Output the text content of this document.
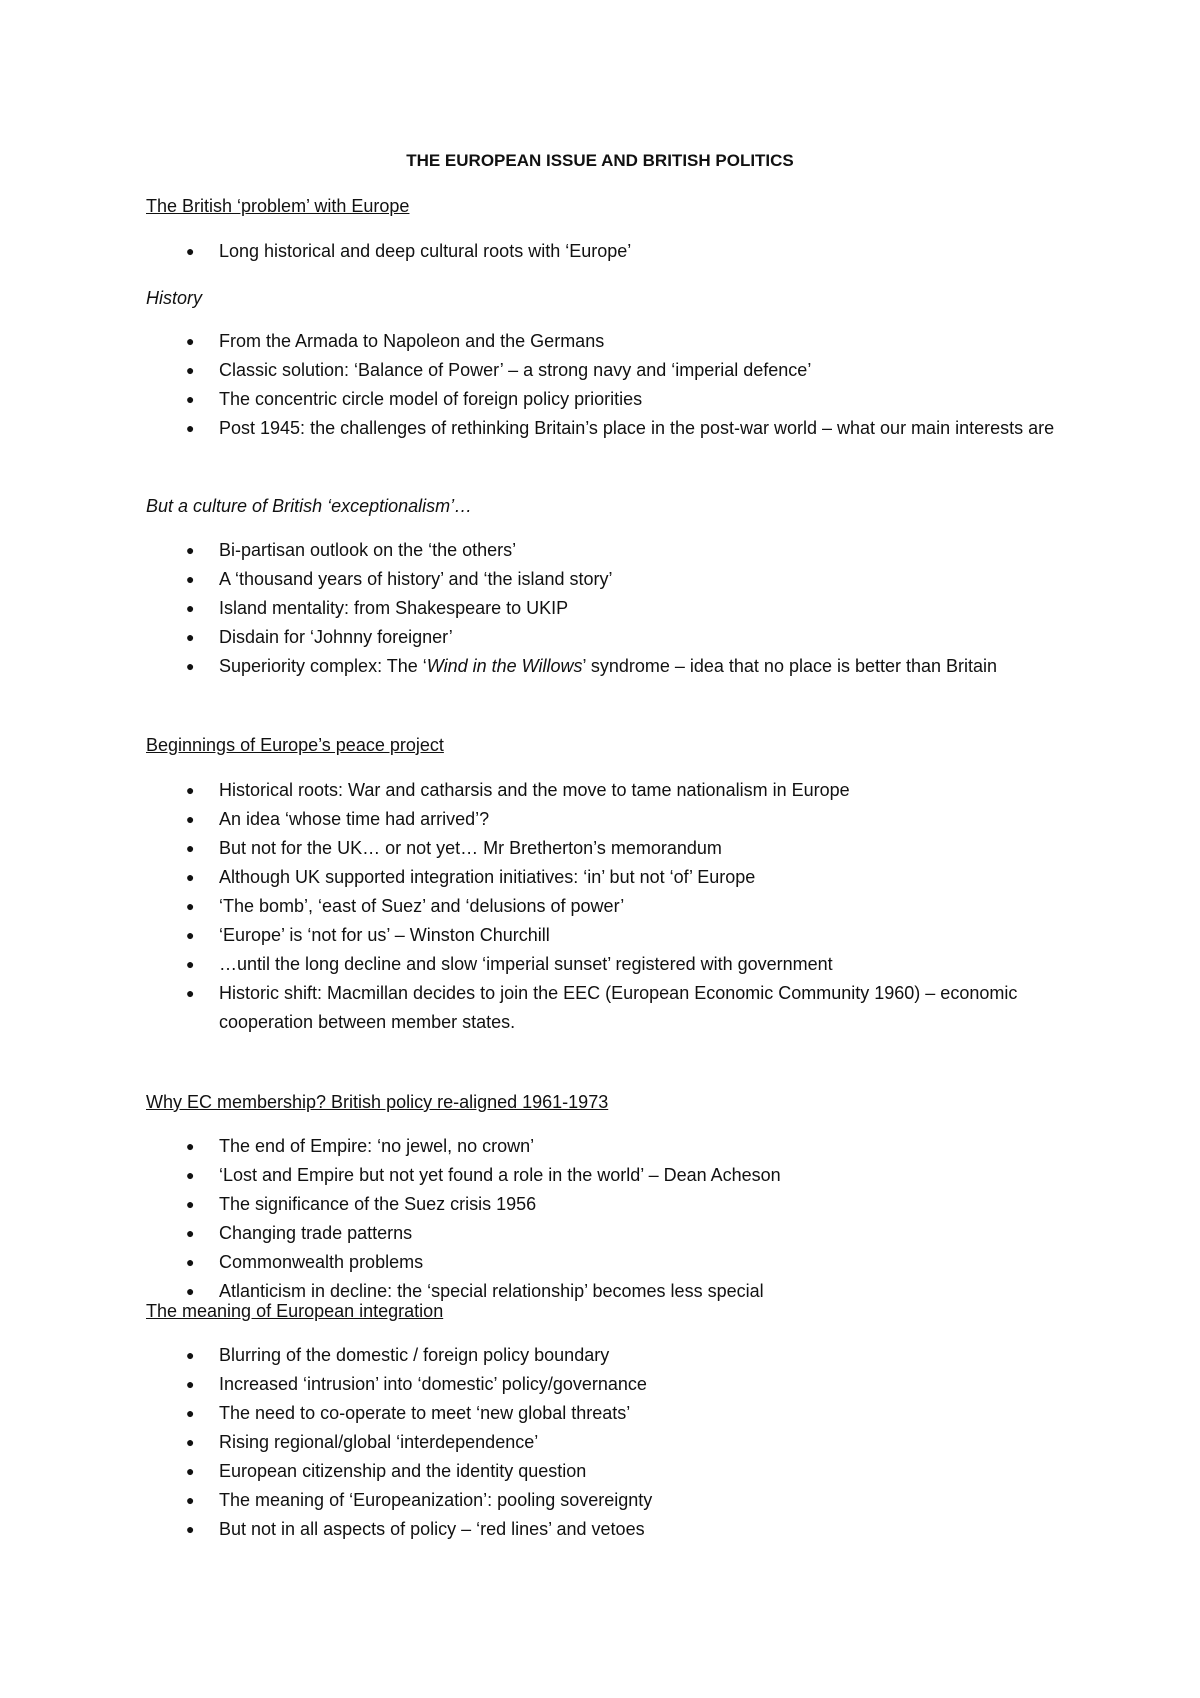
THE EUROPEAN ISSUE AND BRITISH POLITICS
The British ‘problem’ with Europe
● Long historical and deep cultural roots with ‘Europe’
History
● From the Armada to Napoleon and the Germans
● Classic solution: ‘Balance of Power’ – a strong navy and ‘imperial defence’
● The concentric circle model of foreign policy priorities
● Post 1945: the challenges of rethinking Britain’s place in the post-war world – what our main interests are
But a culture of British ‘exceptionalism’…
● Bi-partisan outlook on the ‘the others’
● A ‘thousand years of history’ and ‘the island story’
● Island mentality: from Shakespeare to UKIP
● Disdain for ‘Johnny foreigner’
● Superiority complex: The ‘Wind in the Willows’ syndrome – idea that no place is better than Britain
Beginnings of Europe’s peace project
● Historical roots: War and catharsis and the move to tame nationalism in Europe
● An idea ‘whose time had arrived’?
● But not for the UK… or not yet… Mr Bretherton’s memorandum
● Although UK supported integration initiatives: ‘in’ but not ‘of’ Europe
● ‘The bomb’, ‘east of Suez’ and ‘delusions of power’
● ‘Europe’ is ‘not for us’ – Winston Churchill
● …until the long decline and slow ‘imperial sunset’ registered with government
● Historic shift: Macmillan decides to join the EEC (European Economic Community 1960) – economic cooperation between member states.
Why EC membership? British policy re-aligned 1961-1973
● The end of Empire: ‘no jewel, no crown’
● ‘Lost and Empire but not yet found a role in the world’ – Dean Acheson
● The significance of the Suez crisis 1956
● Changing trade patterns
● Commonwealth problems
● Atlanticism in decline: the ‘special relationship’ becomes less special
The meaning of European integration
● Blurring of the domestic / foreign policy boundary
● Increased ‘intrusion’ into ‘domestic’ policy/governance
● The need to co-operate to meet ‘new global threats’
● Rising regional/global ‘interdependence’
● European citizenship and the identity question
● The meaning of ‘Europeanization’: pooling sovereignty
● But not in all aspects of policy – ‘red lines’ and vetoes
